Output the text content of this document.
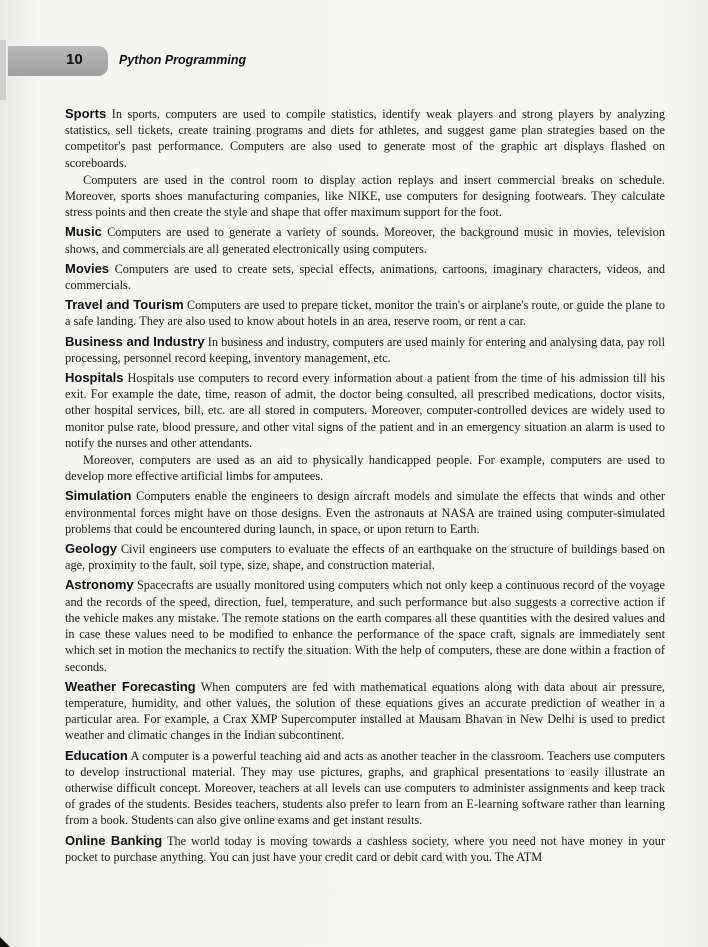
10	Python Programming

Sports In sports, computers are used to compile statistics, identify weak players and strong players by analyzing statistics, sell tickets, create training programs and diets for athletes, and suggest game plan strategies based on the competitor's past performance. Computers are also used to generate most of the graphic art displays flashed on scoreboards.

Computers are used in the control room to display action replays and insert commercial breaks on schedule. Moreover, sports shoes manufacturing companies, like NIKE, use computers for designing footwears. They calculate stress points and then create the style and shape that offer maximum support for the foot.

Music Computers are used to generate a variety of sounds. Moreover, the background music in movies, television shows, and commercials are all generated electronically using computers.

Movies Computers are used to create sets, special effects, animations, cartoons, imaginary characters, videos, and commercials.

Travel and Tourism Computers are used to prepare ticket, monitor the train's or airplane's route, or guide the plane to a safe landing. They are also used to know about hotels in an area, reserve room, or rent a car.

Business and Industry In business and industry, computers are used mainly for entering and analysing data, pay roll processing, personnel record keeping, inventory management, etc.

Hospitals Hospitals use computers to record every information about a patient from the time of his admission till his exit. For example the date, time, reason of admit, the doctor being consulted, all prescribed medications, doctor visits, other hospital services, bill, etc. are all stored in computers. Moreover, computer-controlled devices are widely used to monitor pulse rate, blood pressure, and other vital signs of the patient and in an emergency situation an alarm is used to notify the nurses and other attendants.

Moreover, computers are used as an aid to physically handicapped people. For example, computers are used to develop more effective artificial limbs for amputees.

Simulation Computers enable the engineers to design aircraft models and simulate the effects that winds and other environmental forces might have on those designs. Even the astronauts at NASA are trained using computer-simulated problems that could be encountered during launch, in space, or upon return to Earth.

Geology Civil engineers use computers to evaluate the effects of an earthquake on the structure of buildings based on age, proximity to the fault, soil type, size, shape, and construction material.

Astronomy Spacecrafts are usually monitored using computers which not only keep a continuous record of the voyage and the records of the speed, direction, fuel, temperature, and such performance but also suggests a corrective action if the vehicle makes any mistake. The remote stations on the earth compares all these quantities with the desired values and in case these values need to be modified to enhance the performance of the space craft, signals are immediately sent which set in motion the mechanics to rectify the situation. With the help of computers, these are done within a fraction of seconds.

Weather Forecasting When computers are fed with mathematical equations along with data about air pressure, temperature, humidity, and other values, the solution of these equations gives an accurate prediction of weather in a particular area. For example, a Crax XMP Supercomputer installed at Mausam Bhavan in New Delhi is used to predict weather and climatic changes in the Indian subcontinent.

Education A computer is a powerful teaching aid and acts as another teacher in the classroom. Teachers use computers to develop instructional material. They may use pictures, graphs, and graphical presentations to easily illustrate an otherwise difficult concept. Moreover, teachers at all levels can use computers to administer assignments and keep track of grades of the students. Besides teachers, students also prefer to learn from an E-learning software rather than learning from a book. Students can also give online exams and get instant results.

Online Banking The world today is moving towards a cashless society, where you need not have money in your pocket to purchase anything. You can just have your credit card or debit card with you. The ATM
